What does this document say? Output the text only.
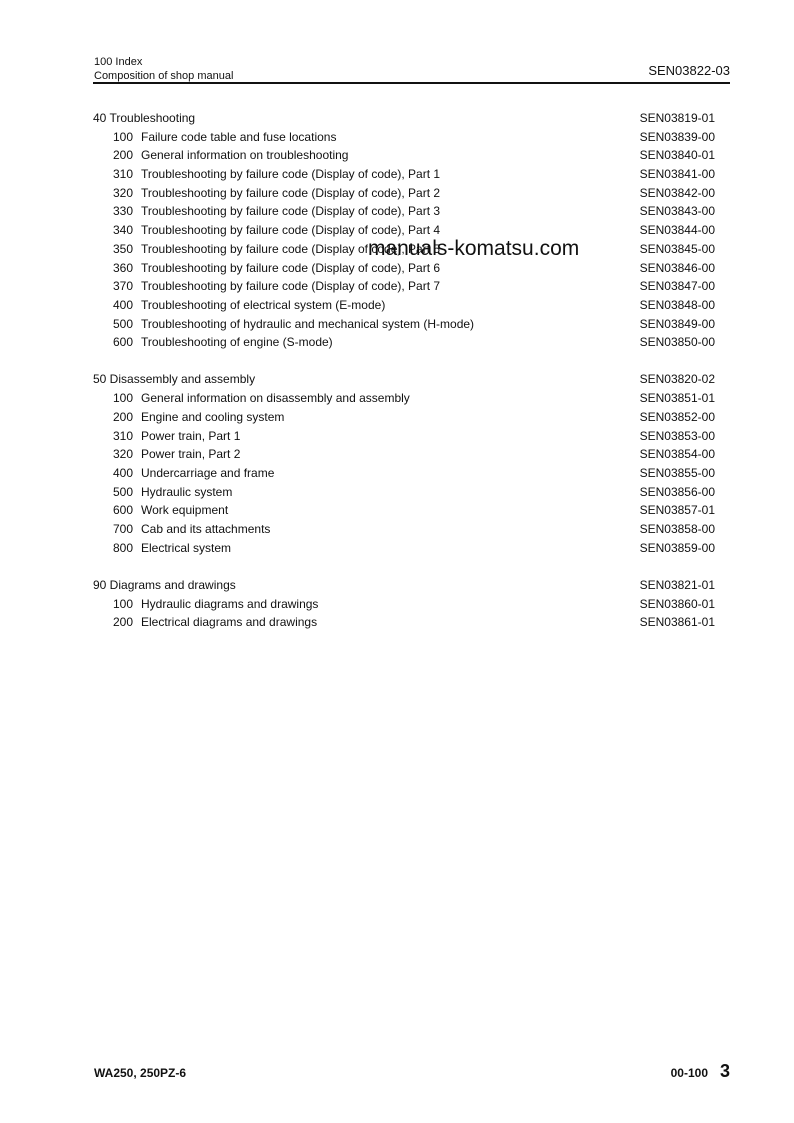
100 Index
Composition of shop manual	SEN03822-03
40 Troubleshooting	SEN03819-01
100 Failure code table and fuse locations	SEN03839-00
200 General information on troubleshooting	SEN03840-01
310 Troubleshooting by failure code (Display of code), Part 1	SEN03841-00
320 Troubleshooting by failure code (Display of code), Part 2	SEN03842-00
330 Troubleshooting by failure code (Display of code), Part 3	SEN03843-00
340 Troubleshooting by failure code (Display of code), Part 4	SEN03844-00
350 Troubleshooting by failure code (Display of code), Part 5	SEN03845-00
360 Troubleshooting by failure code (Display of code), Part 6	SEN03846-00
370 Troubleshooting by failure code (Display of code), Part 7	SEN03847-00
400 Troubleshooting of electrical system (E-mode)	SEN03848-00
500 Troubleshooting of hydraulic and mechanical system (H-mode)	SEN03849-00
600 Troubleshooting of engine (S-mode)	SEN03850-00
50 Disassembly and assembly	SEN03820-02
100 General information on disassembly and assembly	SEN03851-01
200 Engine and cooling system	SEN03852-00
310 Power train, Part 1	SEN03853-00
320 Power train, Part 2	SEN03854-00
400 Undercarriage and frame	SEN03855-00
500 Hydraulic system	SEN03856-00
600 Work equipment	SEN03857-01
700 Cab and its attachments	SEN03858-00
800 Electrical system	SEN03859-00
90 Diagrams and drawings	SEN03821-01
100 Hydraulic diagrams and drawings	SEN03860-01
200 Electrical diagrams and drawings	SEN03861-01
manuals-komatsu.com
WA250, 250PZ-6	00-100 3
